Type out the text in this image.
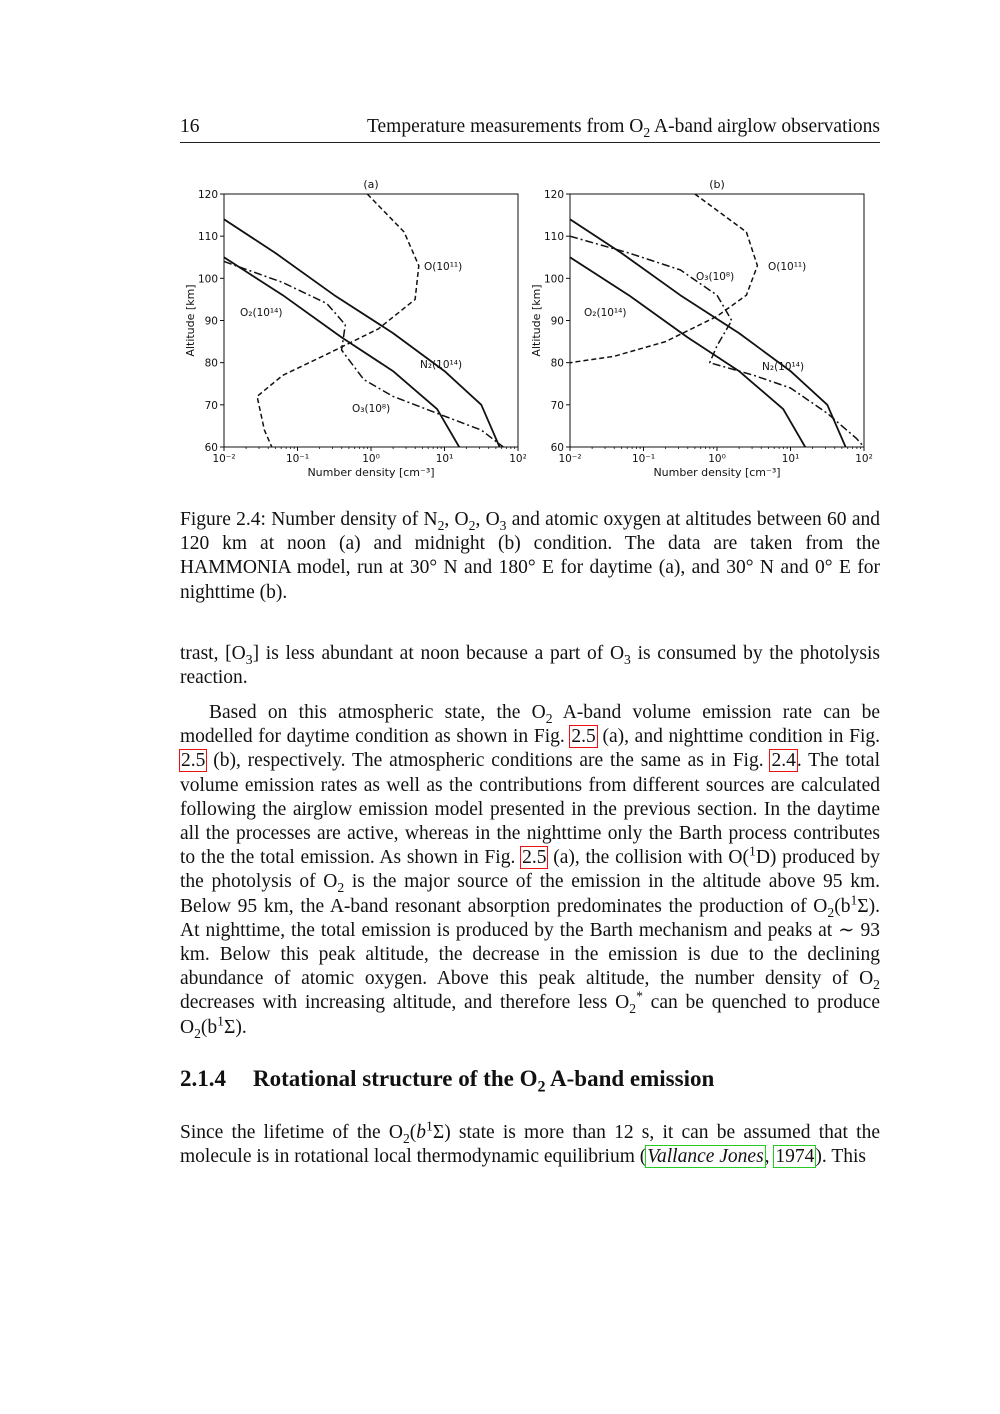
16	Temperature measurements from $O_2$ A-band airglow observations
(a)
60
70
80
90
100
110
120
10⁻²	10⁻¹	10⁰	10¹	10²
Number density [cm⁻³]
Altitude [km]
N₂(10¹⁴)
O₂(10¹⁴)
O₃(10⁸)
O(10¹¹)
(b)
60
70
80
90
100
110
120
10⁻²	10⁻¹	10⁰	10¹	10²
Number density [cm⁻³]
Altitude [km]
N₂(10¹⁴)
O₂(10¹⁴)
O₃(10⁸)
O(10¹¹)
Figure 2.4: Number density of $N_2$, $O_2$, $O_3$ and atomic oxygen at altitudes between 60 and 120 km at noon (a) and midnight (b) condition. The data are taken from the HAMMONIA model, run at 30° N and 180° E for daytime (a), and 30° N and 0° E for nighttime (b).

trast, $[O_3]$ is less abundant at noon because a part of $O_3$ is consumed by the photolysis reaction.

Based on this atmospheric state, the $O_2$ A-band volume emission rate can be modelled for daytime condition as shown in Fig. 2.5 (a), and nighttime condition in Fig. 2.5 (b), respectively. The atmospheric conditions are the same as in Fig. 2.4. The total volume emission rates as well as the contributions from different sources are calculated following the airglow emission model presented in the previous section. In the daytime all the processes are active, whereas in the nighttime only the Barth process contributes to the the total emission. As shown in Fig. 2.5 (a), the collision with O($^1$D) produced by the photolysis of $O_2$ is the major source of the emission in the altitude above 95 km. Below 95 km, the A-band resonant absorption predominates the production of $O_2(b^1\Sigma)$. At nighttime, the total emission is produced by the Barth mechanism and peaks at ∼ 93 km. Below this peak altitude, the decrease in the emission is due to the declining abundance of atomic oxygen. Above this peak altitude, the number density of $O_2$ decreases with increasing altitude, and therefore less $O_2^*$ can be quenched to produce $O_2(b^1\Sigma)$.

2.1.4 Rotational structure of the $O_2$ A-band emission

Since the lifetime of the $O_2(b^1\Sigma)$ state is more than 12 s, it can be assumed that the molecule is in rotational local thermodynamic equilibrium (Vallance Jones, 1974). This
